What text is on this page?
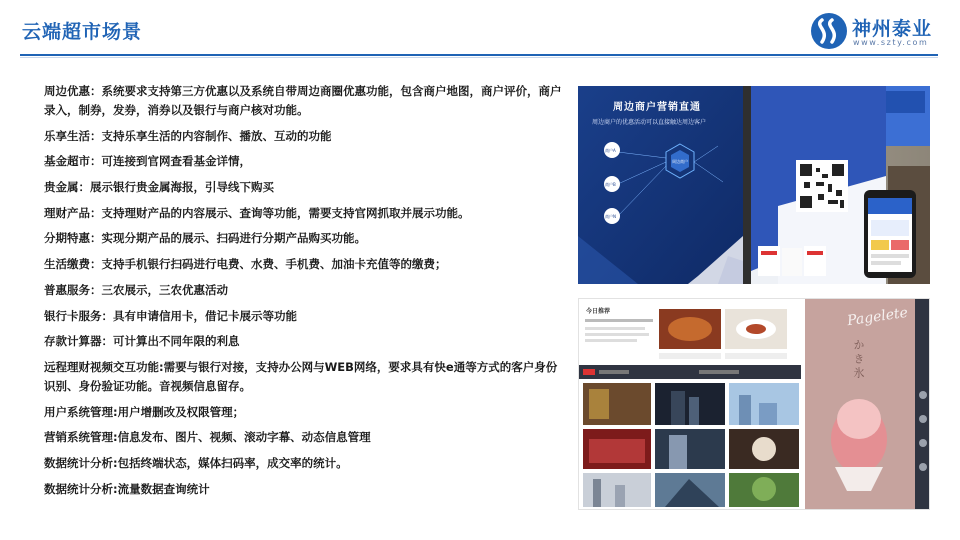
云端超市场景	神州泰业
www.szty.com
周边优惠：系统要求支持第三方优惠以及系统自带周边商圈优惠功能，包含商户地图，商户评价，商户录入，制券，发券，消券以及银行与商户核对功能。
乐享生活：支持乐享生活的内容制作、播放、互动的功能
基金超市：可连接到官网查看基金详情，
贵金属：展示银行贵金属海报，引导线下购买
理财产品：支持理财产品的内容展示、查询等功能，需要支持官网抓取并展示功能。
分期特惠：实现分期产品的展示、扫码进行分期产品购买功能。
生活缴费：支持手机银行扫码进行电费、水费、手机费、加油卡充值等的缴费；
普惠服务：三农展示，三农优惠活动
银行卡服务：具有申请信用卡，借记卡展示等功能
存款计算器：可计算出不同年限的利息
远程理财视频交互功能:需要与银行对接，支持办公网与WEB网络，要求具有快e通等方式的客户身份识别、身份验证功能。音视频信息留存。
用户系统管理:用户增删改及权限管理；
营销系统管理:信息发布、图片、视频、滚动字幕、动态信息管理
数据统计分析:包括终端状态，媒体扫码率，成交率的统计。
数据统计分析:流量数据查询统计
商户A
商户B
商户N
周边商户
周边商户营销直通
周边商户的优惠活动可以直接触达周边客户
今日推荐	Pagelete
かき氷
